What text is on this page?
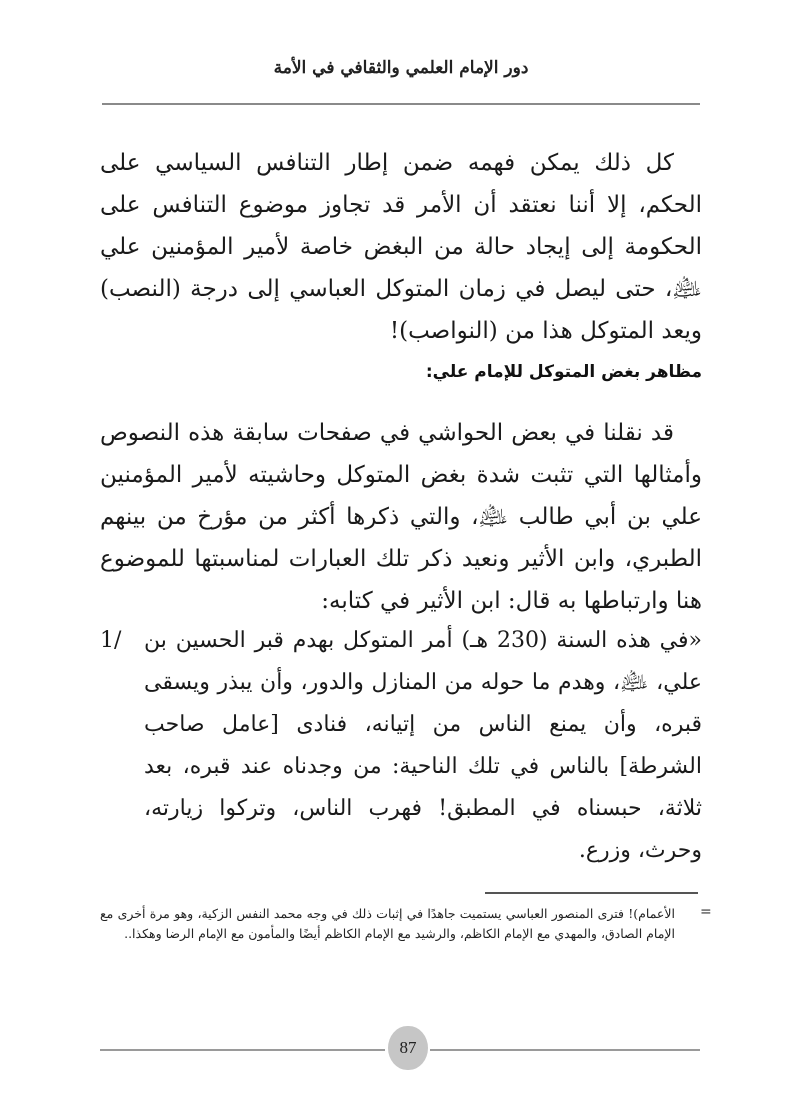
دور الإمام العلمي والثقافي في الأمة

كل ذلك يمكن فهمه ضمن إطار التنافس السياسي على الحكم، إلا أننا نعتقد أن الأمر قد تجاوز موضوع التنافس على الحكومة إلى إيجاد حالة من البغض خاصة لأمير المؤمنين علي ﵇، حتى ليصل في زمان المتوكل العباسي إلى درجة (النصب) ويعد المتوكل هذا من (النواصب)!

مظاهر بغض المتوكل للإمام علي:

قد نقلنا في بعض الحواشي في صفحات سابقة هذه النصوص وأمثالها التي تثبت شدة بغض المتوكل وحاشيته لأمير المؤمنين علي بن أبي طالب ﵇، والتي ذكرها أكثر من مؤرخ من بينهم الطبري، وابن الأثير ونعيد ذكر تلك العبارات لمناسبتها للموضوع هنا وارتباطها به قال: ابن الأثير في كتابه:

1/ «في هذه السنة (230 هـ) أمر المتوكل بهدم قبر الحسين بن علي، ﵇، وهدم ما حوله من المنازل والدور، وأن يبذر ويسقى قبره، وأن يمنع الناس من إتيانه، فنادى [عامل صاحب الشرطة] بالناس في تلك الناحية: من وجدناه عند قبره، بعد ثلاثة، حبسناه في المطبق! فهرب الناس، وتركوا زيارته، وحرث، وزرع.
=
الأعمام)! فترى المنصور العباسي يستميت جاهدًا في إثبات ذلك في وجه محمد النفس الزكية، وهو مرة أخرى مع الإمام الصادق، والمهدي مع الإمام الكاظم، والرشيد مع الإمام الكاظم أيضًا والمأمون مع الإمام الرضا وهكذا..
87
